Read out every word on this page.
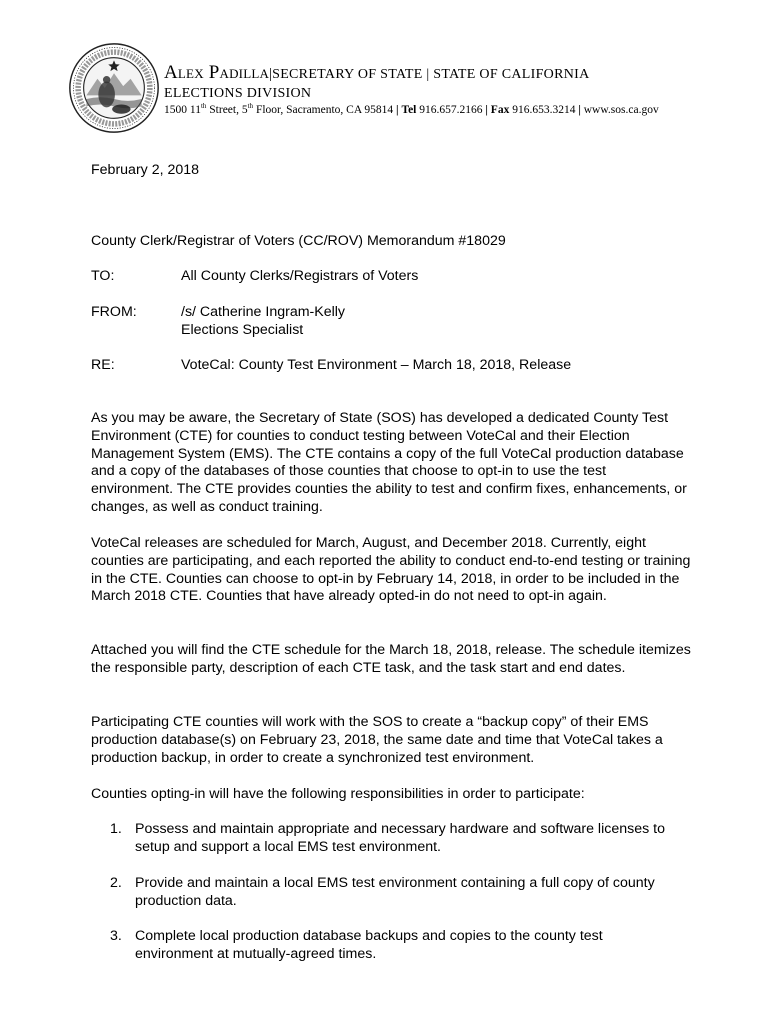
Alex Padilla|SECRETARY OF STATE | STATE OF CALIFORNIA
ELECTIONS DIVISION
1500 11th Street, 5th Floor, Sacramento, CA 95814 | Tel 916.657.2166 | Fax 916.653.3214 | www.sos.ca.gov
February 2, 2018
County Clerk/Registrar of Voters (CC/ROV) Memorandum #18029
TO:	All County Clerks/Registrars of Voters
FROM:	/s/ Catherine Ingram-Kelly
Elections Specialist
RE:	VoteCal: County Test Environment – March 18, 2018, Release
As you may be aware, the Secretary of State (SOS) has developed a dedicated County Test Environment (CTE) for counties to conduct testing between VoteCal and their Election Management System (EMS). The CTE contains a copy of the full VoteCal production database and a copy of the databases of those counties that choose to opt-in to use the test environment. The CTE provides counties the ability to test and confirm fixes, enhancements, or changes, as well as conduct training.
VoteCal releases are scheduled for March, August, and December 2018. Currently, eight counties are participating, and each reported the ability to conduct end-to-end testing or training in the CTE. Counties can choose to opt-in by February 14, 2018, in order to be included in the March 2018 CTE. Counties that have already opted-in do not need to opt-in again.
Attached you will find the CTE schedule for the March 18, 2018, release. The schedule itemizes the responsible party, description of each CTE task, and the task start and end dates.
Participating CTE counties will work with the SOS to create a “backup copy” of their EMS production database(s) on February 23, 2018, the same date and time that VoteCal takes a production backup, in order to create a synchronized test environment.
Counties opting-in will have the following responsibilities in order to participate:
1. Possess and maintain appropriate and necessary hardware and software licenses to setup and support a local EMS test environment.
2. Provide and maintain a local EMS test environment containing a full copy of county production data.
3. Complete local production database backups and copies to the county test environment at mutually-agreed times.
